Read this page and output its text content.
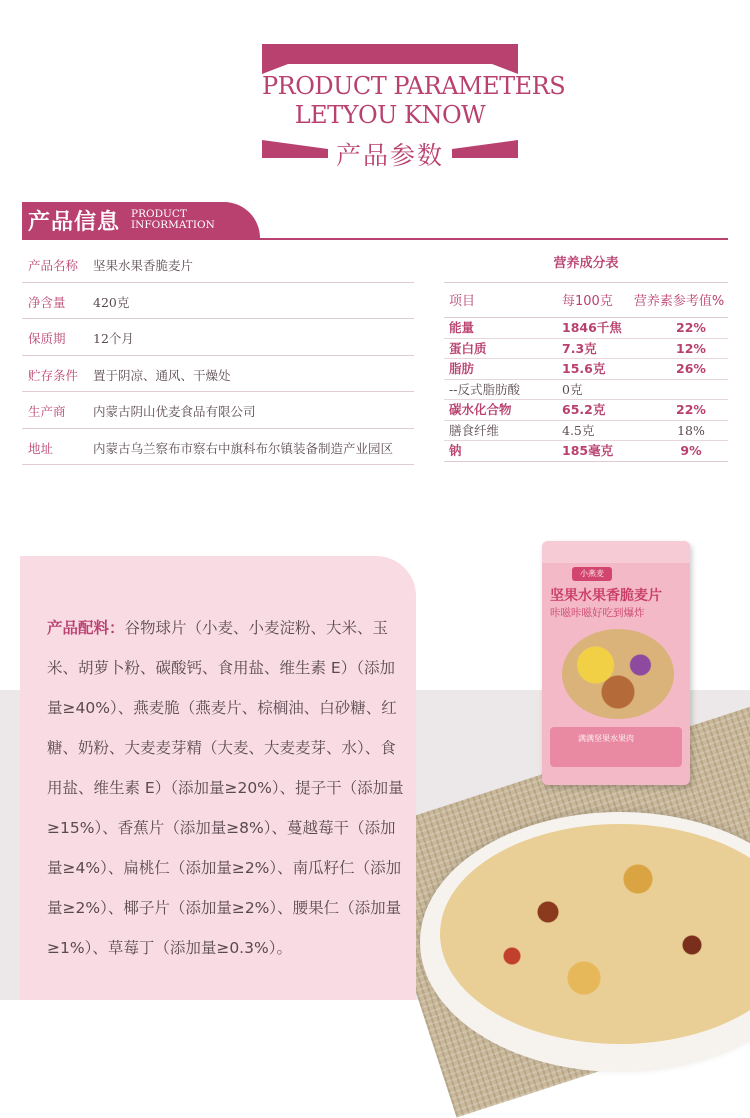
PRODUCT PARAMETERS
LETYOU KNOW
产品参数
产品信息 PRODUCT
INFORMATION
产品名称 坚果水果香脆麦片
净含量 420克
保质期 12个月
贮存条件 置于阴凉、通风、干燥处
生产商 内蒙古阴山优麦食品有限公司
地址	内蒙古乌兰察布市察右中旗科布尔镇装备制造产业园区
营养成分表
项目	每100克 营养素参考值%
能量	1846千焦	22%
蛋白质	7.3克	12%
脂肪	15.6克	26%
--反式脂肪酸	0克
碳水化合物	65.2克	22%
膳食纤维	4.5克	18%
钠	185毫克	9%
小燕麦
坚果水果香脆麦片
咔嗞咔嗞好吃到爆炸
满满坚果水果肉
产品配料：谷物球片（小麦、小麦淀粉、大米、玉米、胡萝卜粉、碳酸钙、食用盐、维生素 E）（添加量≥40%）、燕麦脆（燕麦片、棕榈油、白砂糖、红糖、奶粉、大麦麦芽精（大麦、大麦麦芽、水）、食用盐、维生素 E）（添加量≥20%）、提子干（添加量≥15%）、香蕉片（添加量≥8%）、蔓越莓干（添加量≥4%）、扁桃仁（添加量≥2%）、南瓜籽仁（添加量≥2%）、椰子片（添加量≥2%）、腰果仁（添加量≥1%）、草莓丁（添加量≥0.3%）。
